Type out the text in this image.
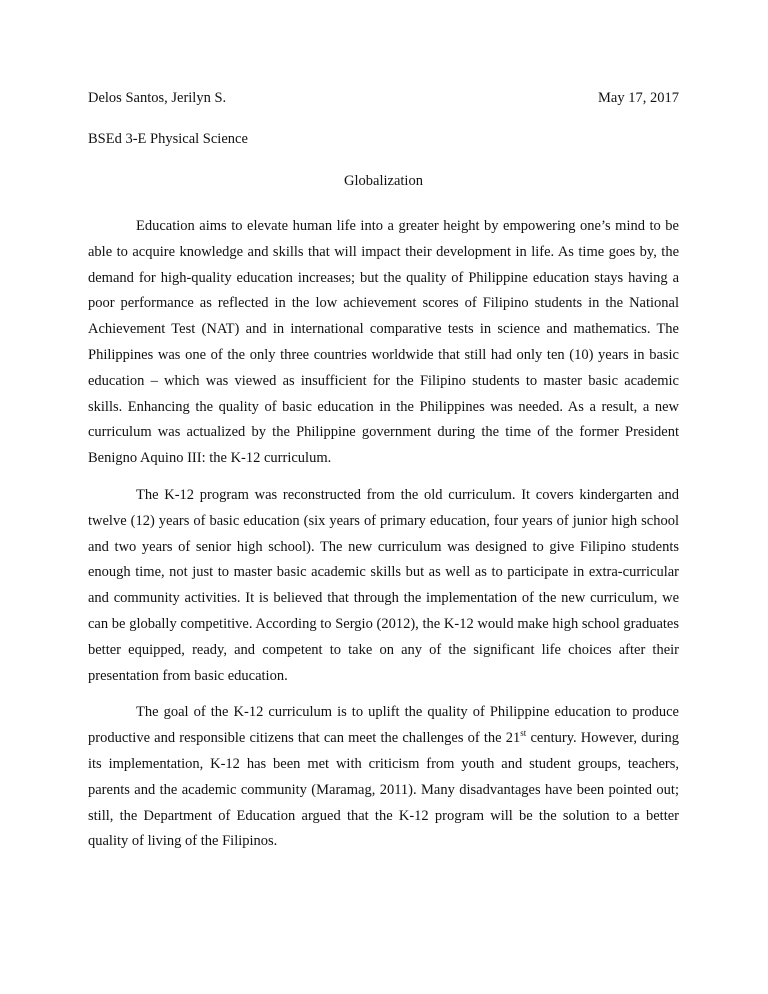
Delos Santos, Jerilyn S.	May 17, 2017
BSEd 3-E Physical Science
Globalization

Education aims to elevate human life into a greater height by empowering one’s mind to be able to acquire knowledge and skills that will impact their development in life. As time goes by, the demand for high-quality education increases; but the quality of Philippine education stays having a poor performance as reflected in the low achievement scores of Filipino students in the National Achievement Test (NAT) and in international comparative tests in science and mathematics. The Philippines was one of the only three countries worldwide that still had only ten (10) years in basic education – which was viewed as insufficient for the Filipino students to master basic academic skills. Enhancing the quality of basic education in the Philippines was needed. As a result, a new curriculum was actualized by the Philippine government during the time of the former President Benigno Aquino III: the K-12 curriculum.

The K-12 program was reconstructed from the old curriculum. It covers kindergarten and twelve (12) years of basic education (six years of primary education, four years of junior high school and two years of senior high school). The new curriculum was designed to give Filipino students enough time, not just to master basic academic skills but as well as to participate in extra-curricular and community activities. It is believed that through the implementation of the new curriculum, we can be globally competitive. According to Sergio (2012), the K-12 would make high school graduates better equipped, ready, and competent to take on any of the significant life choices after their presentation from basic education.

The goal of the K-12 curriculum is to uplift the quality of Philippine education to produce productive and responsible citizens that can meet the challenges of the 21st century. However, during its implementation, K-12 has been met with criticism from youth and student groups, teachers, parents and the academic community (Maramag, 2011). Many disadvantages have been pointed out; still, the Department of Education argued that the K-12 program will be the solution to a better quality of living of the Filipinos.
